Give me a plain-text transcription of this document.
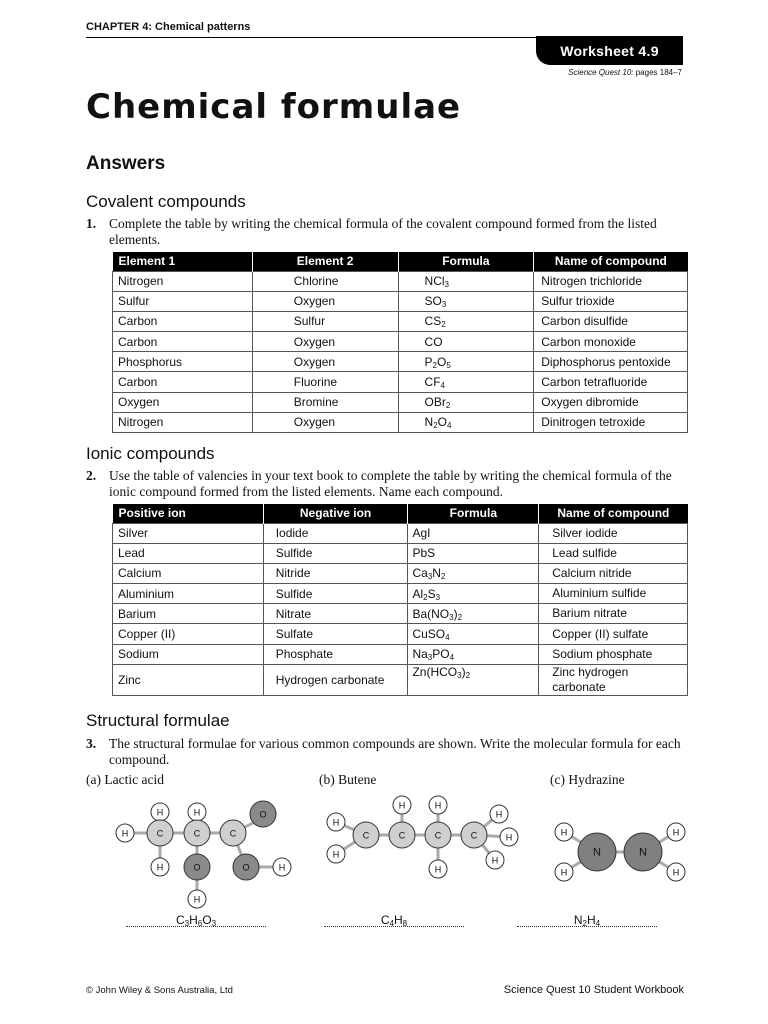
CHAPTER 4: Chemical patterns
Worksheet 4.9
Science Quest 10: pages 184–7
Chemical formulae
Answers
Covalent compounds
1. Complete the table by writing the chemical formula of the covalent compound formed from the listed elements.
Element 1	Element 2	Formula	Name of compound
Nitrogen	Chlorine	NCl$_3$	Nitrogen trichloride
Sulfur	Oxygen	$SO_3$	Sulfur trioxide
Carbon	Sulfur	$CS_2$	Carbon disulfide
Carbon	Oxygen	CO	Carbon monoxide
Phosphorus	Oxygen	$P_2O_5$	Diphosphorus pentoxide
Carbon	Fluorine	$CF_4$	Carbon tetrafluoride
Oxygen	Bromine	OBr$_2$	Oxygen dibromide
Nitrogen	Oxygen	$N_2O_4$	Dinitrogen tetroxide
Ionic compounds
2. Use the table of valencies in your text book to complete the table by writing the chemical formula of the ionic compound formed from the listed elements. Name each compound.
Positive ion	Negative ion	Formula	Name of compound
Silver	Iodide	AgI	Silver iodide
Lead	Sulfide	PbS	Lead sulfide
Calcium	Nitride	$Ca_3N_2$	Calcium nitride
Aluminium	Sulfide	$Al_2S_3$	Aluminium sulfide
Barium	Nitrate	$Ba(NO_3)_2$	Barium nitrate
Copper (II)	Sulfate	CuSO$_4$	Copper (II) sulfate
Sodium	Phosphate	$Na_3PO_4$	Sodium phosphate
Zinc	Hydrogen carbonate	$Zn(HCO_3)_2$	Zinc hydrogen carbonate
Structural formulae
3. The structural formulae for various common compounds are shown. Write the molecular formula for each compound.
(a) Lactic acid	(b) Butene	(c) Hydrazine
H
H	H
H
H
H
C	C	C
O
O
O
H
H
H	H
H
H
H
H
C	C	C	C	H
H
H
H
N	N
$C_3H_6O_3$	$C_4H_8$	$N_2H_4$
© John Wiley & Sons Australia, Ltd	Science Quest 10 Student Workbook
